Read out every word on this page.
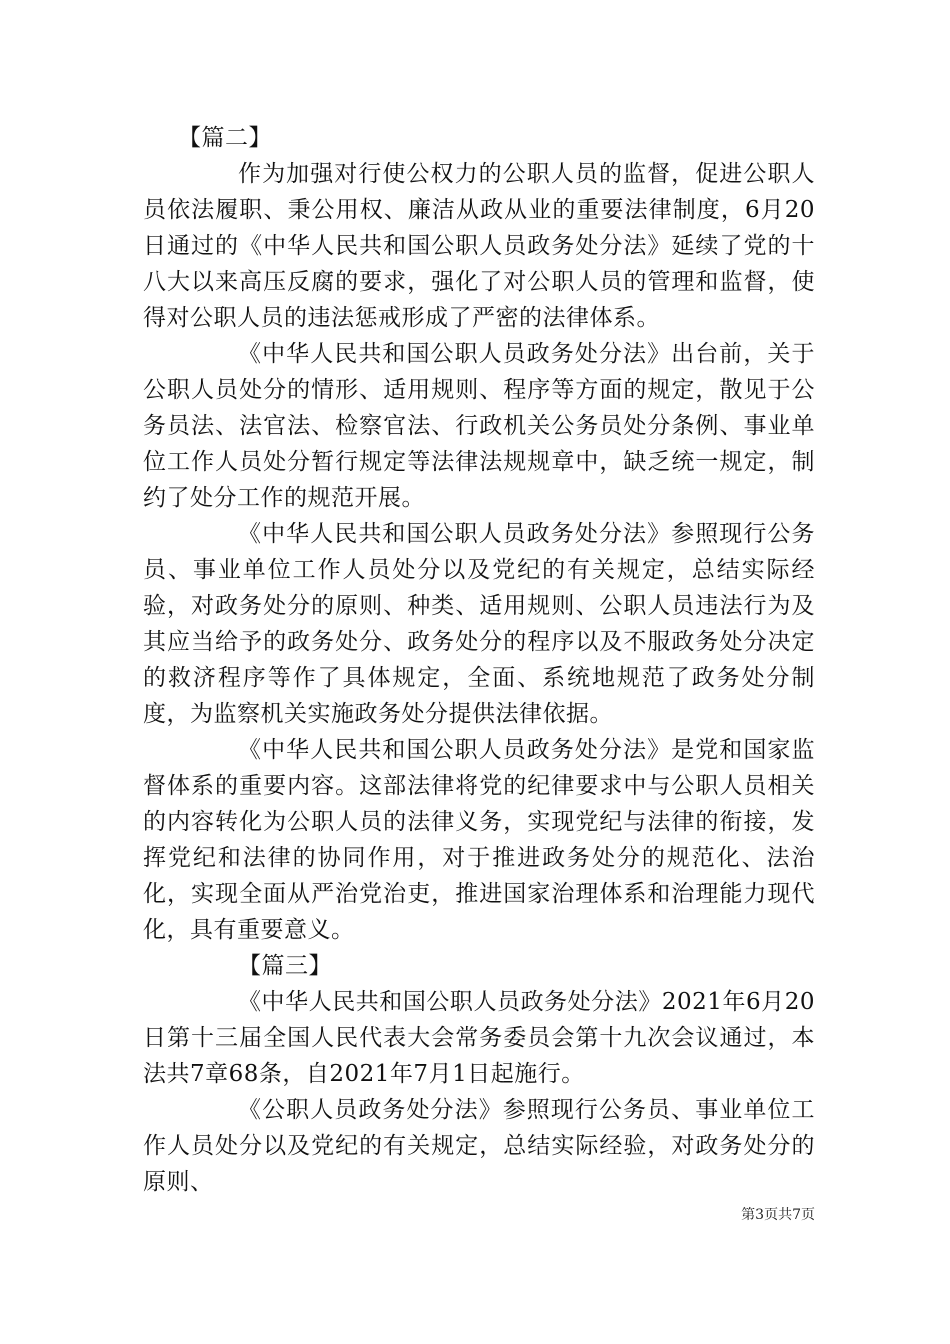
【篇二】

作为加强对行使公权力的公职人员的监督，促进公职人员依法履职、秉公用权、廉洁从政从业的重要法律制度，6月20日通过的《中华人民共和国公职人员政务处分法》延续了党的十八大以来高压反腐的要求，强化了对公职人员的管理和监督，使得对公职人员的违法惩戒形成了严密的法律体系。

《中华人民共和国公职人员政务处分法》出台前，关于公职人员处分的情形、适用规则、程序等方面的规定，散见于公务员法、法官法、检察官法、行政机关公务员处分条例、事业单位工作人员处分暂行规定等法律法规规章中，缺乏统一规定，制约了处分工作的规范开展。

《中华人民共和国公职人员政务处分法》参照现行公务员、事业单位工作人员处分以及党纪的有关规定，总结实际经验，对政务处分的原则、种类、适用规则、公职人员违法行为及其应当给予的政务处分、政务处分的程序以及不服政务处分决定的救济程序等作了具体规定，全面、系统地规范了政务处分制度，为监察机关实施政务处分提供法律依据。

《中华人民共和国公职人员政务处分法》是党和国家监督体系的重要内容。这部法律将党的纪律要求中与公职人员相关的内容转化为公职人员的法律义务，实现党纪与法律的衔接，发挥党纪和法律的协同作用，对于推进政务处分的规范化、法治化，实现全面从严治党治吏，推进国家治理体系和治理能力现代化，具有重要意义。

【篇三】

《中华人民共和国公职人员政务处分法》2021年6月20日第十三届全国人民代表大会常务委员会第十九次会议通过，本法共7章68条，自2021年7月1日起施行。

《公职人员政务处分法》参照现行公务员、事业单位工作人员处分以及党纪的有关规定，总结实际经验，对政务处分的原则、

第3页共7页
